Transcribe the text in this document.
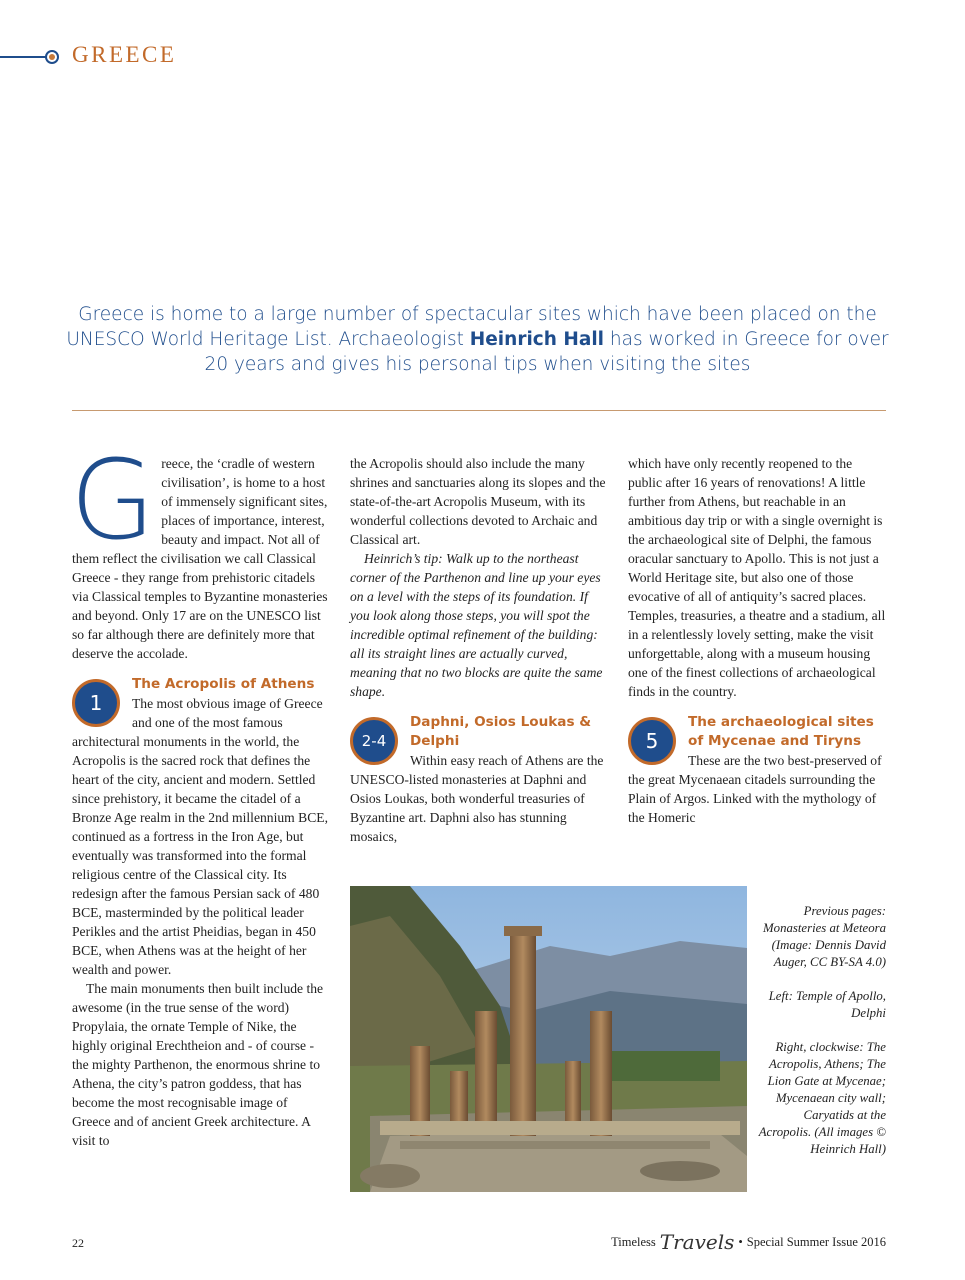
GREECE
Greece is home to a large number of spectacular sites which have been placed on the UNESCO World Heritage List. Archaeologist Heinrich Hall has worked in Greece for over 20 years and gives his personal tips when visiting the sites

Greece, the ‘cradle of western civilisation’, is home to a host of immensely significant sites, places of importance, interest, beauty and impact. Not all of them reflect the civilisation we call Classical Greece - they range from prehistoric citadels via Classical temples to Byzantine monasteries and beyond. Only 17 are on the UNESCO list so far although there are definitely more that deserve the accolade.

1
The Acropolis of Athens

The most obvious image of Greece and one of the most famous architectural monuments in the world, the Acropolis is the sacred rock that defines the heart of the city, ancient and modern. Settled since prehistory, it became the citadel of a Bronze Age realm in the 2nd millennium BCE, continued as a fortress in the Iron Age, but eventually was transformed into the formal religious centre of the Classical city. Its redesign after the famous Persian sack of 480 BCE, masterminded by the political leader Perikles and the artist Pheidias, began in 450 BCE, when Athens was at the height of her wealth and power.

The main monuments then built include the awesome (in the true sense of the word) Propylaia, the ornate Temple of Nike, the highly original Erechtheion and - of course - the mighty Parthenon, the enormous shrine to Athena, the city’s patron goddess, that has become the most recognisable image of Greece and of ancient Greek architecture. A visit to

the Acropolis should also include the many shrines and sanctuaries along its slopes and the state-of-the-art Acropolis Museum, with its wonderful collections devoted to Archaic and Classical art.

Heinrich’s tip: Walk up to the northeast corner of the Parthenon and line up your eyes on a level with the steps of its foundation. If you look along those steps, you will spot the incredible optimal refinement of the building: all its straight lines are actually curved, meaning that no two blocks are quite the same shape.

2-4
Daphni, Osios Loukas & Delphi

Within easy reach of Athens are the UNESCO-listed monasteries at Daphni and Osios Loukas, both wonderful treasuries of Byzantine art. Daphni also has stunning mosaics,

which have only recently reopened to the public after 16 years of renovations! A little further from Athens, but reachable in an ambitious day trip or with a single overnight is the archaeological site of Delphi, the famous oracular sanctuary to Apollo. This is not just a World Heritage site, but also one of those evocative of all of antiquity’s sacred places. Temples, treasuries, a theatre and a stadium, all in a relentlessly lovely setting, make the visit unforgettable, along with a museum housing one of the finest collections of archaeological finds in the country.

5
The archaeological sites of Mycenae and Tiryns

These are the two best-preserved of the great Mycenaean citadels surrounding the Plain of Argos. Linked with the mythology of the Homeric

Previous pages: Monasteries at Meteora (Image: Dennis David Auger, CC BY-SA 4.0)

Left: Temple of Apollo, Delphi

Right, clockwise: The Acropolis, Athens; The Lion Gate at Mycenae; Mycenaean city wall; Caryatids at the Acropolis. (All images © Heinrich Hall)

22	Timeless Travels • Special Summer Issue 2016
